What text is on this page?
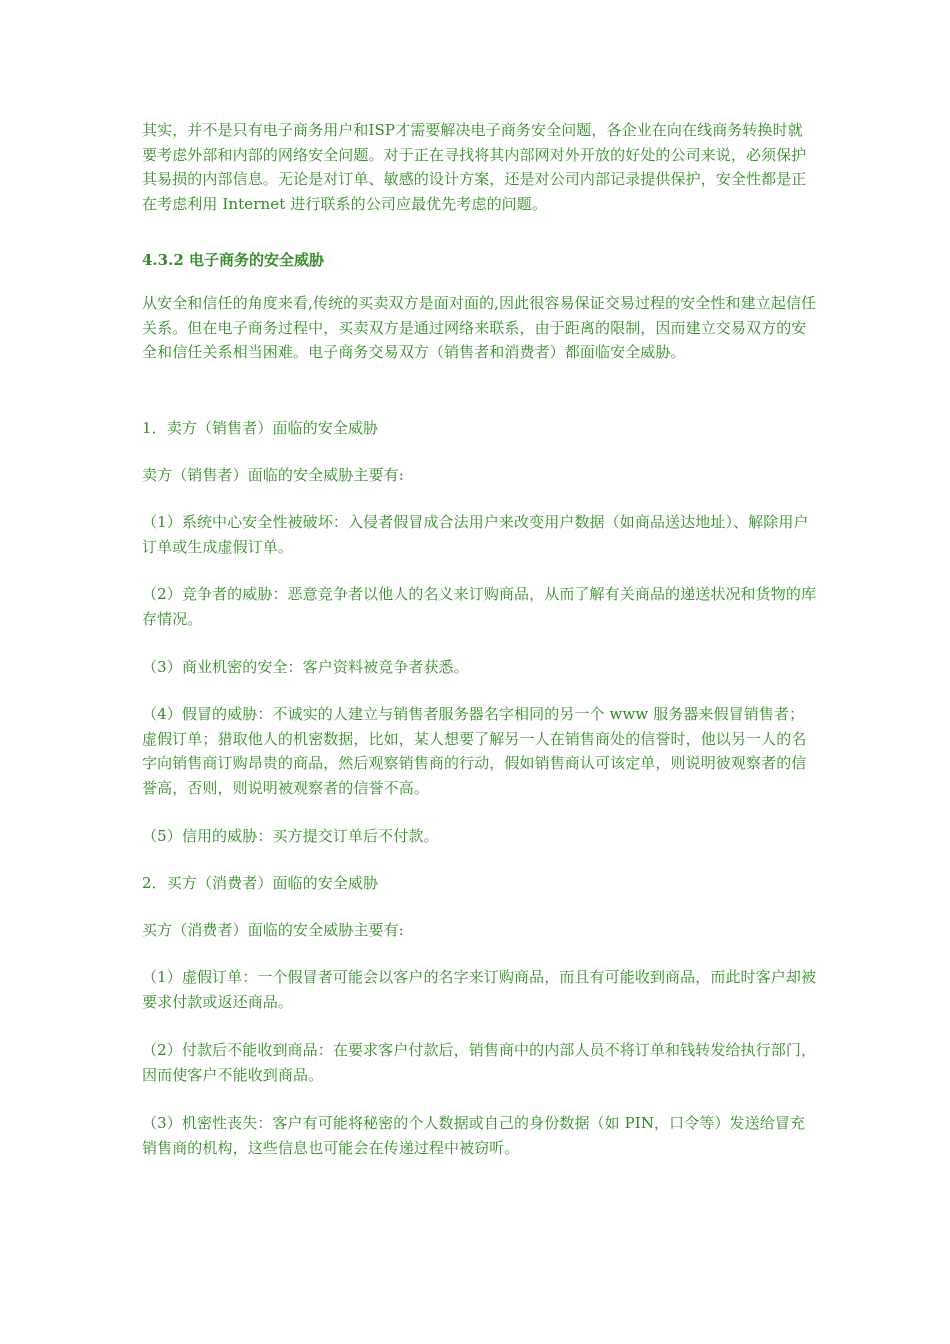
其实，并不是只有电子商务用户和ISP才需要解决电子商务安全问题，各企业在向在线商务转换时就要考虑外部和内部的网络安全问题。对于正在寻找将其内部网对外开放的好处的公司来说，必须保护其易损的内部信息。无论是对订单、敏感的设计方案，还是对公司内部记录提供保护，安全性都是正在考虑利用 Internet 进行联系的公司应最优先考虑的问题。

4.3.2 电子商务的安全威胁

从安全和信任的角度来看,传统的买卖双方是面对面的,因此很容易保证交易过程的安全性和建立起信任关系。但在电子商务过程中，买卖双方是通过网络来联系，由于距离的限制，因而建立交易双方的安全和信任关系相当困难。电子商务交易双方（销售者和消费者）都面临安全威胁。

1．卖方（销售者）面临的安全威胁

卖方（销售者）面临的安全威胁主要有:

（1）系统中心安全性被破坏：入侵者假冒成合法用户来改变用户数据（如商品送达地址）、解除用户订单或生成虚假订单。

（2）竞争者的威胁：恶意竞争者以他人的名义来订购商品，从而了解有关商品的递送状况和货物的库存情况。

（3）商业机密的安全：客户资料被竞争者获悉。

（4）假冒的威胁：不诚实的人建立与销售者服务器名字相同的另一个 www 服务器来假冒销售者；虚假订单；猎取他人的机密数据，比如，某人想要了解另一人在销售商处的信誉时，他以另一人的名字向销售商订购昂贵的商品，然后观察销售商的行动，假如销售商认可该定单，则说明彼观察者的信誉高，否则，则说明被观察者的信誉不高。

（5）信用的威胁：买方提交订单后不付款。

2．买方（消费者）面临的安全威胁

买方（消费者）面临的安全威胁主要有:

（1）虚假订单：一个假冒者可能会以客户的名字来订购商品，而且有可能收到商品，而此时客户却被要求付款或返还商品。

（2）付款后不能收到商品：在要求客户付款后，销售商中的内部人员不将订单和钱转发给执行部门，因而使客户不能收到商品。

（3）机密性丧失：客户有可能将秘密的个人数据或自己的身份数据（如 PIN，口令等）发送给冒充销售商的机构，这些信息也可能会在传递过程中被窃听。
